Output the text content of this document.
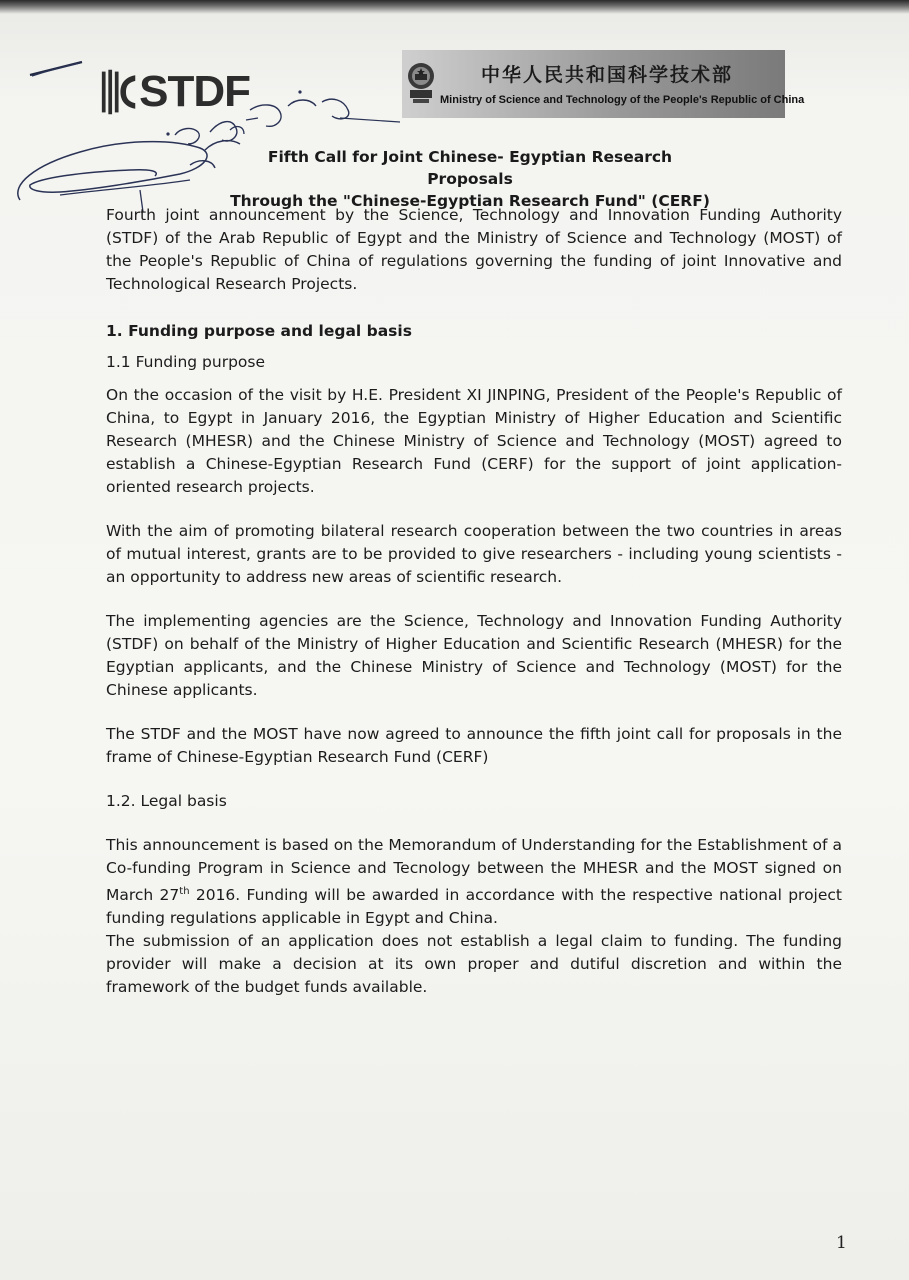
STDF	中华人民共和国科学技术部
Ministry of Science and Technology of the People's Republic of China
Fifth Call for Joint Chinese- Egyptian Research Proposals
Through the "Chinese-Egyptian Research Fund" (CERF)

Fourth joint announcement by the Science, Technology and Innovation Funding Authority (STDF) of the Arab Republic of Egypt and the Ministry of Science and Technology (MOST) of the People's Republic of China of regulations governing the funding of joint Innovative and Technological Research Projects.

1. Funding purpose and legal basis

1.1 Funding purpose

On the occasion of the visit by H.E. President XI JINPING, President of the People's Republic of China, to Egypt in January 2016, the Egyptian Ministry of Higher Education and Scientific Research (MHESR) and the Chinese Ministry of Science and Technology (MOST) agreed to establish a Chinese-Egyptian Research Fund (CERF) for the support of joint application-oriented research projects.

With the aim of promoting bilateral research cooperation between the two countries in areas of mutual interest, grants are to be provided to give researchers - including young scientists - an opportunity to address new areas of scientific research.

The implementing agencies are the Science, Technology and Innovation Funding Authority (STDF) on behalf of the Ministry of Higher Education and Scientific Research (MHESR) for the Egyptian applicants, and the Chinese Ministry of Science and Technology (MOST) for the Chinese applicants.

The STDF and the MOST have now agreed to announce the fifth joint call for proposals in the frame of Chinese-Egyptian Research Fund (CERF)

1.2. Legal basis

This announcement is based on the Memorandum of Understanding for the Establishment of a Co-funding Program in Science and Tecnology between the MHESR and the MOST signed on March 27th 2016. Funding will be awarded in accordance with the respective national project funding regulations applicable in Egypt and China.

The submission of an application does not establish a legal claim to funding. The funding provider will make a decision at its own proper and dutiful discretion and within the framework of the budget funds available.

1
